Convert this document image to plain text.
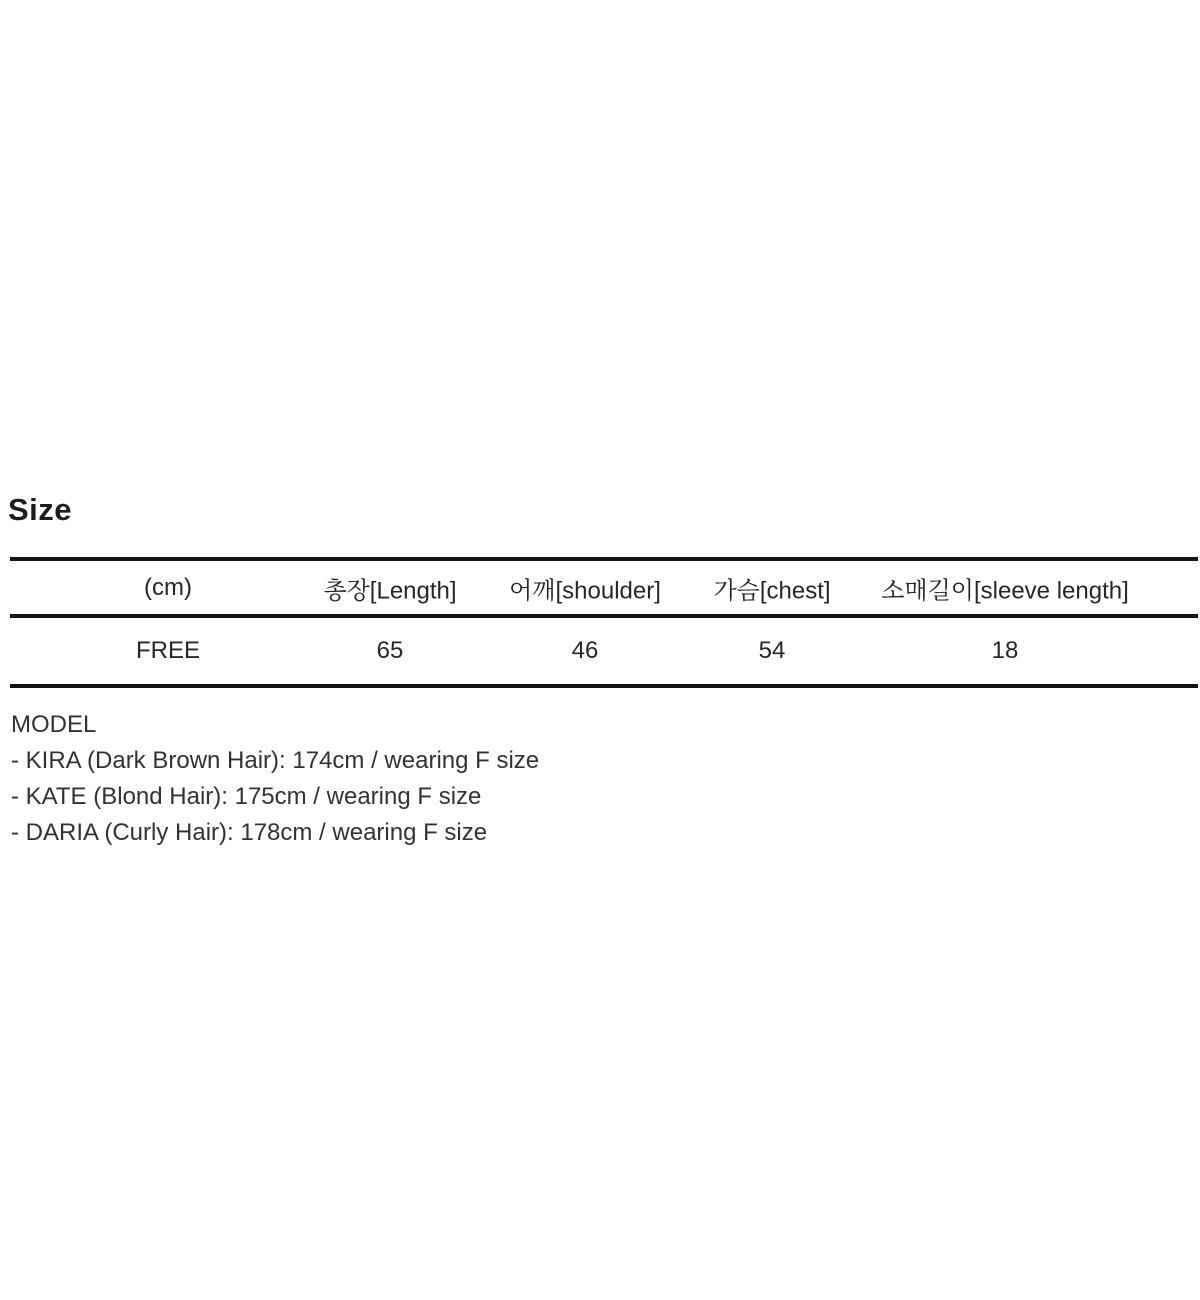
Size
(cm)	총장[Length] 어깨[shoulder] 가슴[chest] 소매길이[sleeve length]
FREE	65	46	54	18
MODEL
- KIRA (Dark Brown Hair): 174cm / wearing F size
- KATE (Blond Hair): 175cm / wearing F size
- DARIA (Curly Hair): 178cm / wearing F size
